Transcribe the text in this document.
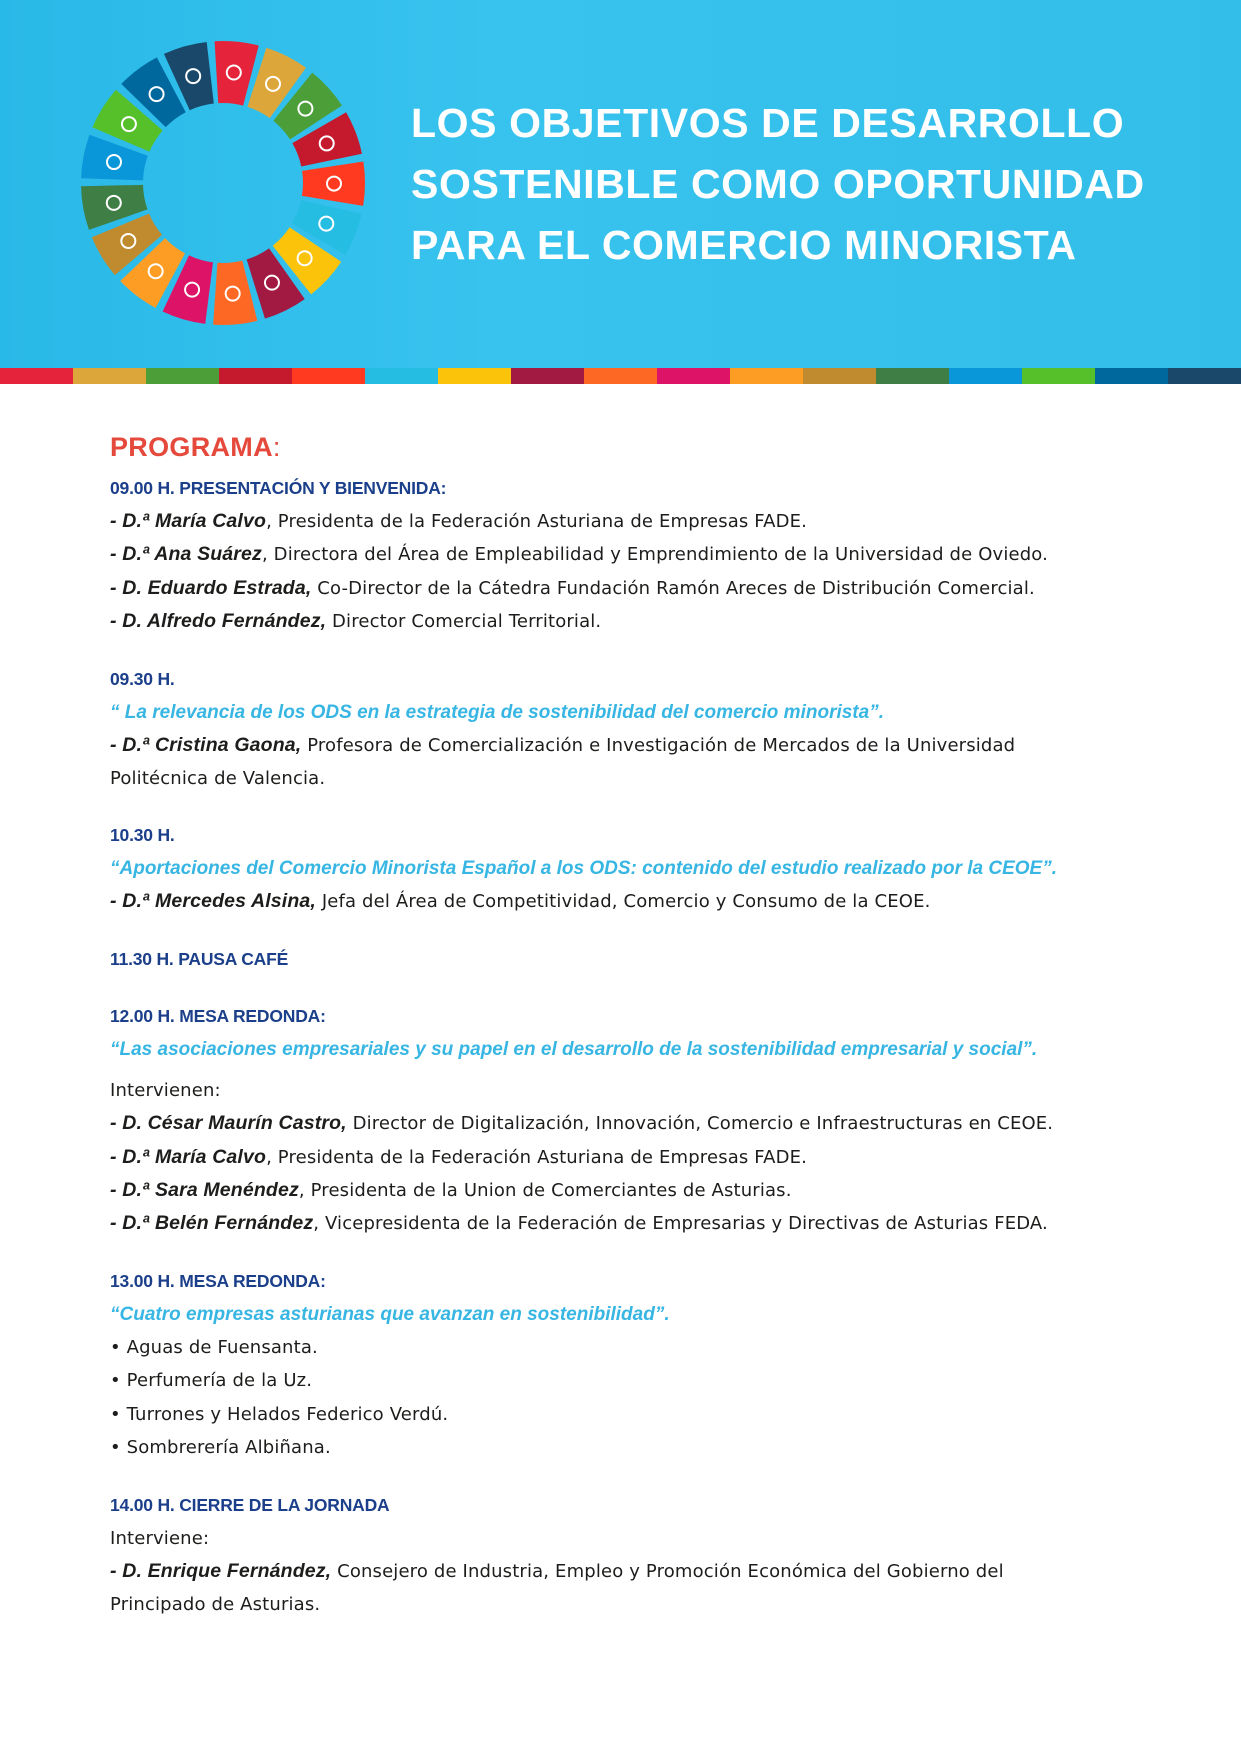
LOS OBJETIVOS DE DESARROLLO
SOSTENIBLE COMO OPORTUNIDAD
PARA EL COMERCIO MINORISTA
PROGRAMA:
09.00 H. PRESENTACIÓN Y BIENVENIDA:
- D.ª María Calvo, Presidenta de la Federación Asturiana de Empresas FADE.
- D.ª Ana Suárez, Directora del Área de Empleabilidad y Emprendimiento de la Universidad de Oviedo.
- D. Eduardo Estrada, Co-Director de la Cátedra Fundación Ramón Areces de Distribución Comercial.
- D. Alfredo Fernández, Director Comercial Territorial.
09.30 H.
“ La relevancia de los ODS en la estrategia de sostenibilidad del comercio minorista”.
- D.ª Cristina Gaona, Profesora de Comercialización e Investigación de Mercados de la Universidad
Politécnica de Valencia.
10.30 H.
“Aportaciones del Comercio Minorista Español a los ODS: contenido del estudio realizado por la CEOE”.
- D.ª Mercedes Alsina, Jefa del Área de Competitividad, Comercio y Consumo de la CEOE.
11.30 H. PAUSA CAFÉ
12.00 H. MESA REDONDA:
“Las asociaciones empresariales y su papel en el desarrollo de la sostenibilidad empresarial y social”.
Intervienen:
- D. César Maurín Castro, Director de Digitalización, Innovación, Comercio e Infraestructuras en CEOE.
- D.ª María Calvo, Presidenta de la Federación Asturiana de Empresas FADE.
- D.ª Sara Menéndez, Presidenta de la Union de Comerciantes de Asturias.
- D.ª Belén Fernández, Vicepresidenta de la Federación de Empresarias y Directivas de Asturias FEDA.
13.00 H. MESA REDONDA:
“Cuatro empresas asturianas que avanzan en sostenibilidad”.
• Aguas de Fuensanta.
• Perfumería de la Uz.
• Turrones y Helados Federico Verdú.
• Sombrerería Albiñana.
14.00 H. CIERRE DE LA JORNADA
Interviene:
- D. Enrique Fernández, Consejero de Industria, Empleo y Promoción Económica del Gobierno del
Principado de Asturias.
